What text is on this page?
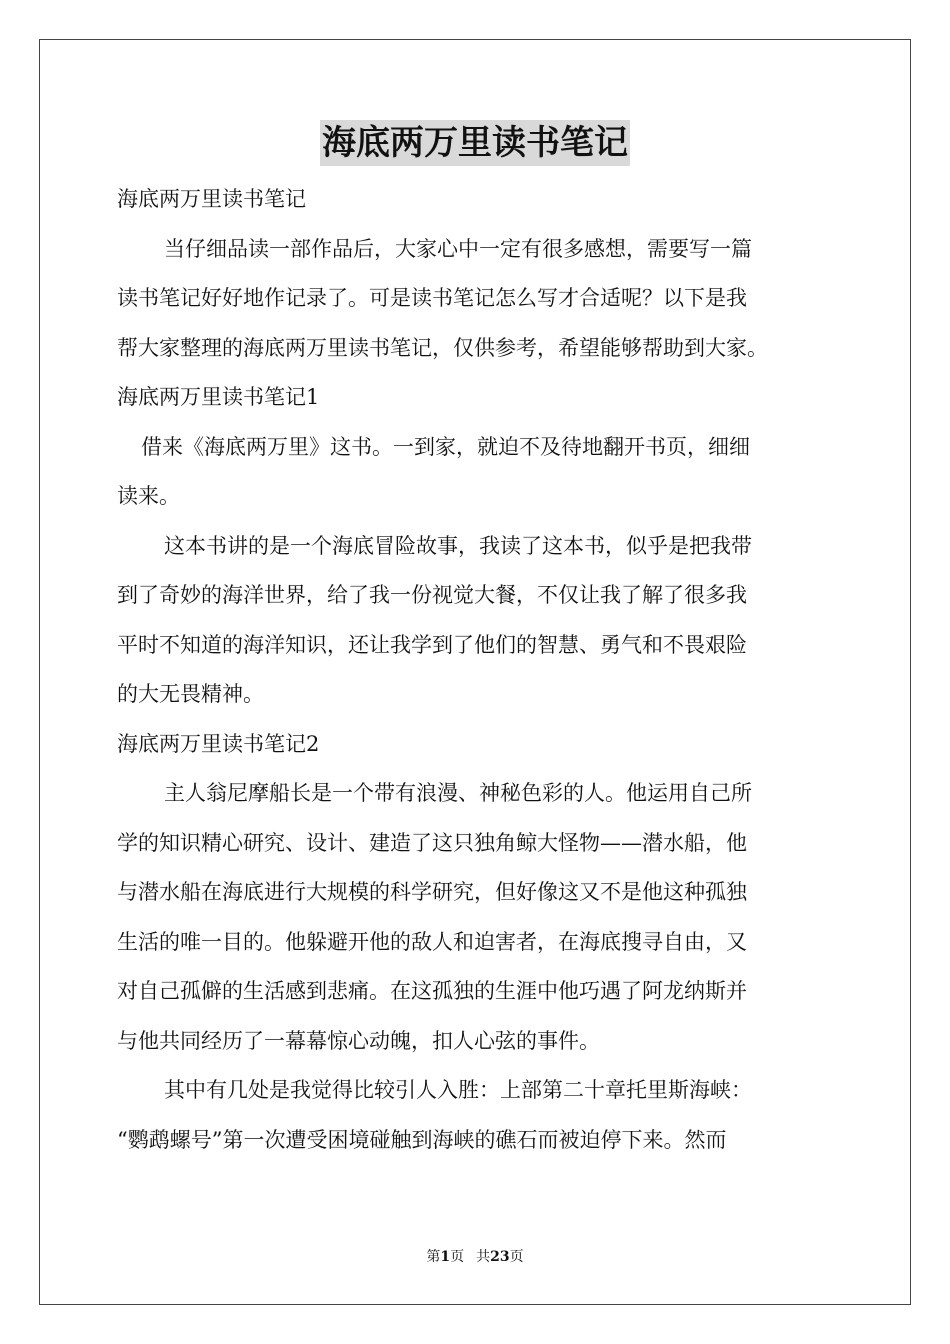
海底两万里读书笔记
海底两万里读书笔记
当仔细品读一部作品后，大家心中一定有很多感想，需要写一篇
读书笔记好好地作记录了。可是读书笔记怎么写才合适呢？以下是我
帮大家整理的海底两万里读书笔记，仅供参考，希望能够帮助到大家。
海底两万里读书笔记1
借来《海底两万里》这书。一到家，就迫不及待地翻开书页，细细
读来。
这本书讲的是一个海底冒险故事，我读了这本书，似乎是把我带
到了奇妙的海洋世界，给了我一份视觉大餐，不仅让我了解了很多我
平时不知道的海洋知识，还让我学到了他们的智慧、勇气和不畏艰险
的大无畏精神。
海底两万里读书笔记2
主人翁尼摩船长是一个带有浪漫、神秘色彩的人。他运用自己所
学的知识精心研究、设计、建造了这只独角鲸大怪物——潜水船，他
与潜水船在海底进行大规模的科学研究，但好像这又不是他这种孤独
生活的唯一目的。他躲避开他的敌人和迫害者，在海底搜寻自由，又
对自己孤僻的生活感到悲痛。在这孤独的生涯中他巧遇了阿龙纳斯并
与他共同经历了一幕幕惊心动魄，扣人心弦的事件。
其中有几处是我觉得比较引人入胜：上部第二十章托里斯海峡：
“鹦鹉螺号”第一次遭受困境碰触到海峡的礁石而被迫停下来。然而
第1页 共23页
